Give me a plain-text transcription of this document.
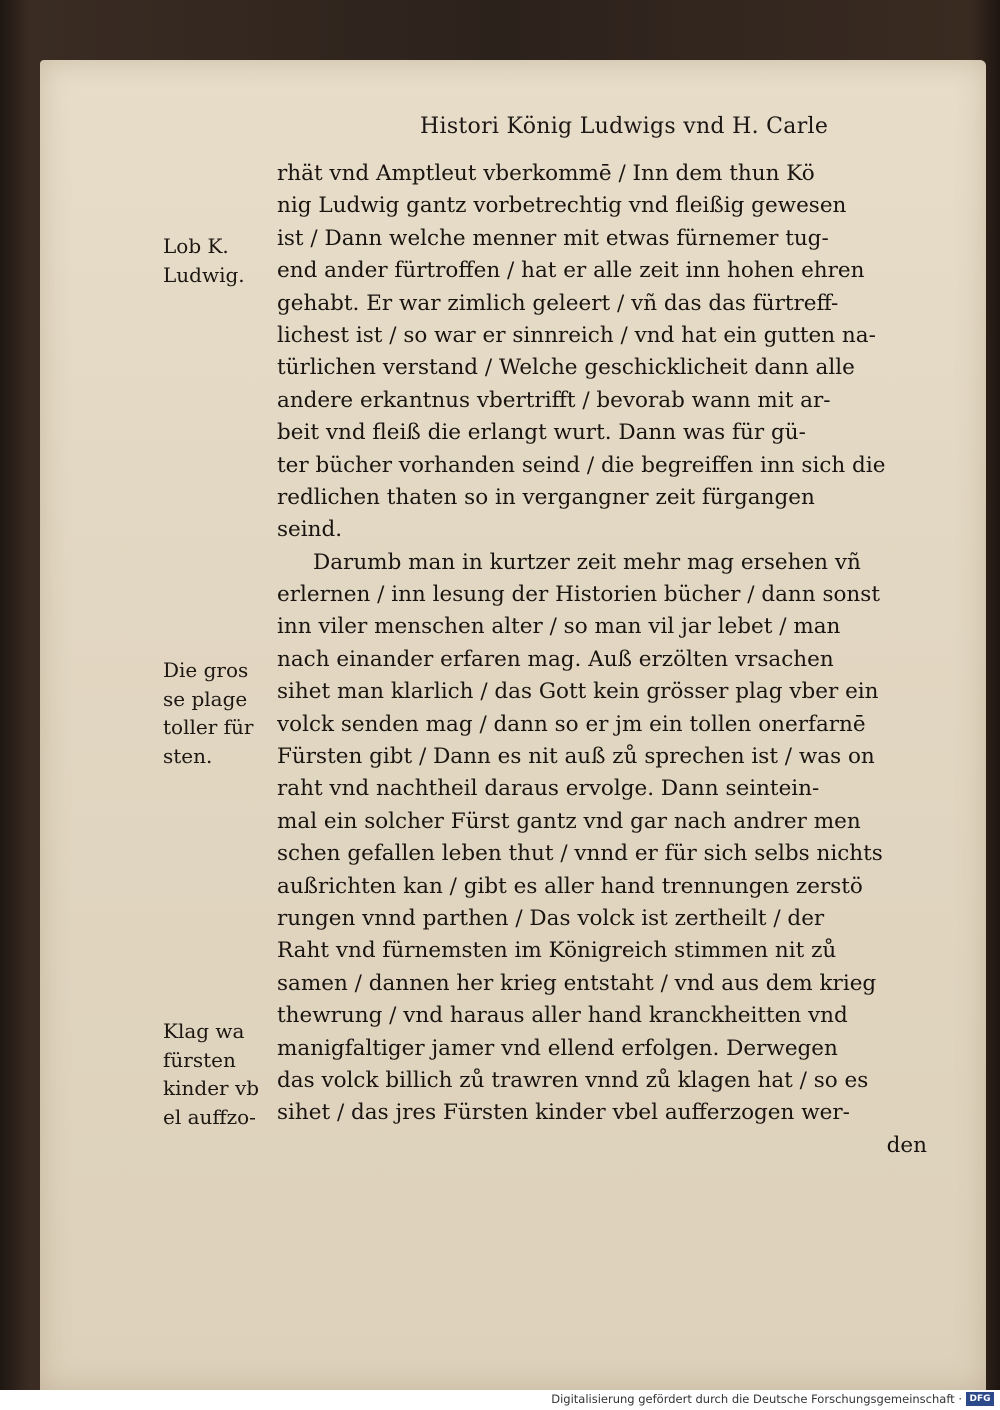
Histori König Ludwigs vnd H. Carle
rhät vnd Amptleut vberkommē / Inn dem thun Kö
nig Ludwig gantz vorbetrechtig vnd fleißig gewesen
ist / Dann welche menner mit etwas fürnemer tug-
end ander fürtroffen / hat er alle zeit inn hohen ehren
gehabt. Er war zimlich geleert / vñ das das fürtreff-
lichest ist / so war er sinnreich / vnd hat ein gutten na-
türlichen verstand / Welche geschicklicheit dann alle
andere erkantnus vbertrifft / bevorab wann mit ar-
beit vnd fleiß die erlangt wurt. Dann was für gü-
ter bücher vorhanden seind / die begreiffen inn sich die
redlichen thaten so in vergangner zeit fürgangen
seind.
Darumb man in kurtzer zeit mehr mag ersehen vñ
erlernen / inn lesung der Historien bücher / dann sonst
inn viler menschen alter / so man vil jar lebet / man
nach einander erfaren mag. Auß erzölten vrsachen
sihet man klarlich / das Gott kein grösser plag vber ein
volck senden mag / dann so er jm ein tollen onerfarnē
Fürsten gibt / Dann es nit auß zů sprechen ist / was on
raht vnd nachtheil daraus ervolge. Dann seintein-
mal ein solcher Fürst gantz vnd gar nach andrer men
schen gefallen leben thut / vnnd er für sich selbs nichts
außrichten kan / gibt es aller hand trennungen zerstö
rungen vnnd parthen / Das volck ist zertheilt / der
Raht vnd fürnemsten im Königreich stimmen nit zů
samen / dannen her krieg entstaht / vnd aus dem krieg
thewrung / vnd haraus aller hand kranckheitten vnd
manigfaltiger jamer vnd ellend erfolgen. Derwegen
das volck billich zů trawren vnnd zů klagen hat / so es
sihet / das jres Fürsten kinder vbel aufferzogen wer-
den
Lob K.
Ludwig.
Die gros
se plage
toller für
sten.
Klag wa
fürsten
kinder vb
el auffzo-
Digitalisierung gefördert durch die Deutsche Forschungsgemeinschaft · DFG
